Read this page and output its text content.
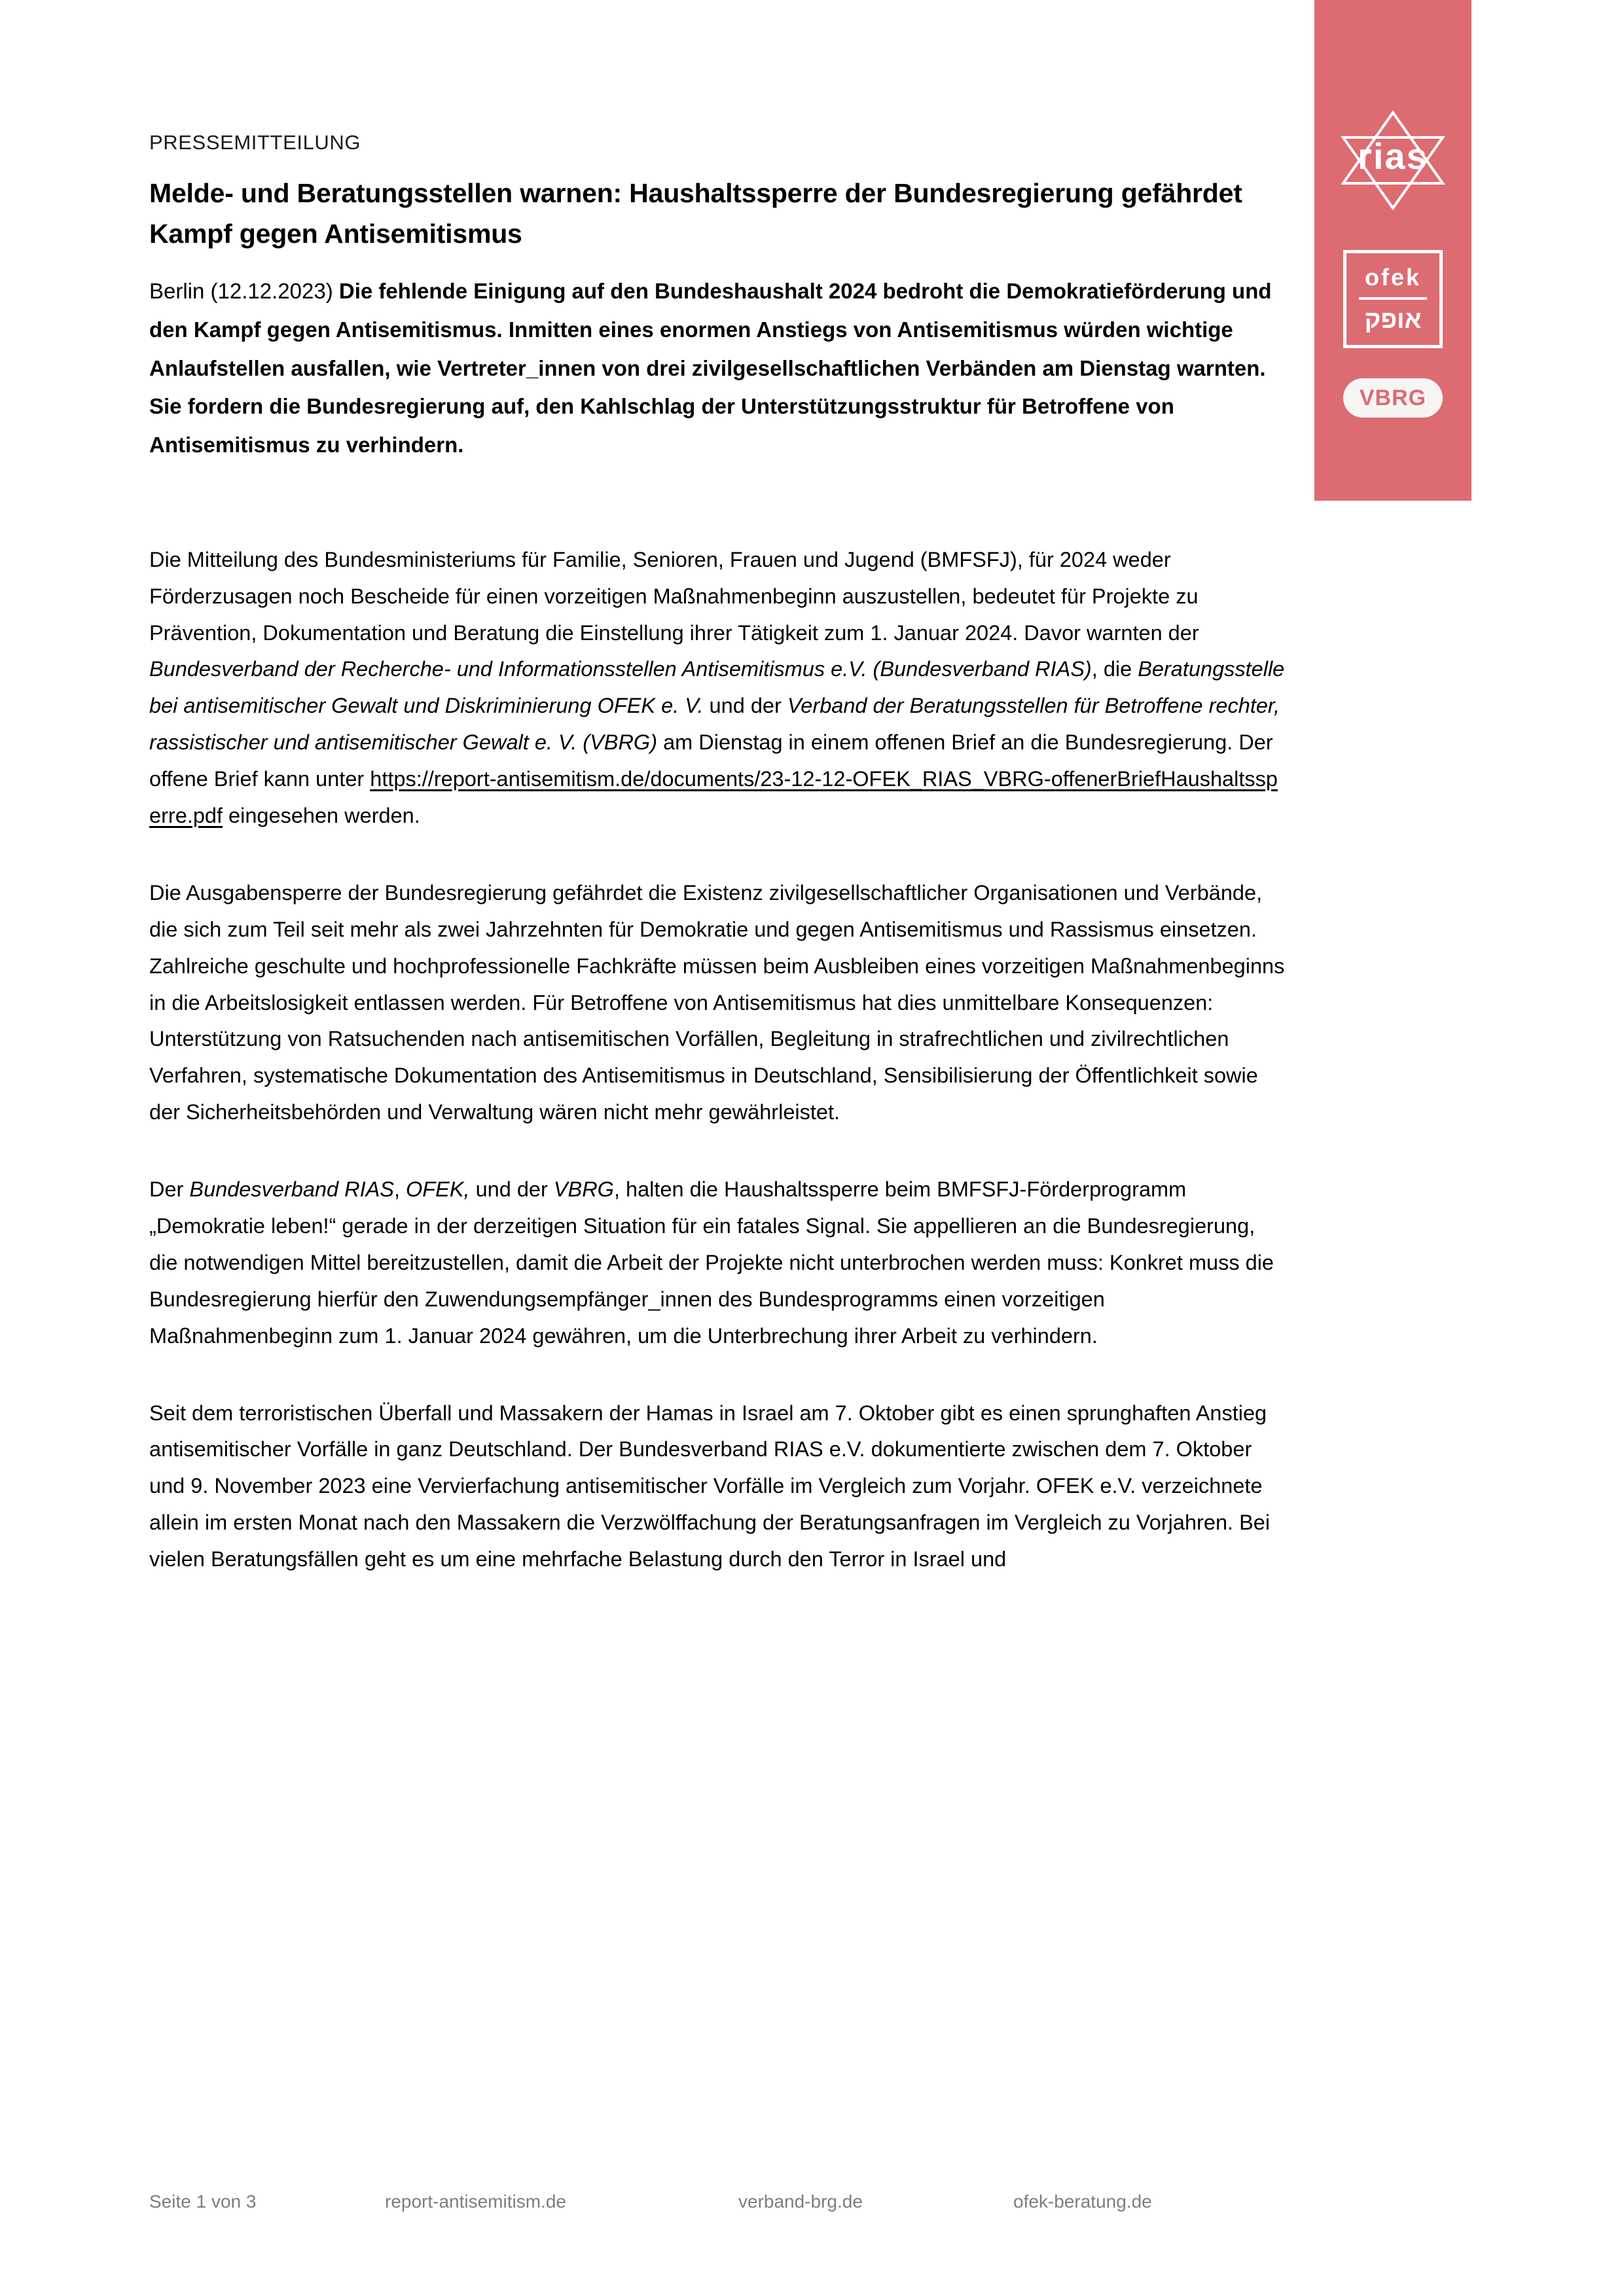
rias
ofek
אופק
VBRG
PRESSEMITTEILUNG
Melde- und Beratungsstellen warnen: Haushaltssperre der Bundesregierung gefährdet Kampf gegen Antisemitismus

Berlin (12.12.2023) Die fehlende Einigung auf den Bundeshaushalt 2024 bedroht die Demokratieförderung und den Kampf gegen Antisemitismus. Inmitten eines enormen Anstiegs von Antisemitismus würden wichtige Anlaufstellen ausfallen, wie Vertreter_innen von drei zivilgesellschaftlichen Verbänden am Dienstag warnten. Sie fordern die Bundesregierung auf, den Kahlschlag der Unterstützungsstruktur für Betroffene von Antisemitismus zu verhindern.

Die Mitteilung des Bundesministeriums für Familie, Senioren, Frauen und Jugend (BMFSFJ), für 2024 weder Förderzusagen noch Bescheide für einen vorzeitigen Maßnahmenbeginn auszustellen, bedeutet für Projekte zu Prävention, Dokumentation und Beratung die Einstellung ihrer Tätigkeit zum 1. Januar 2024. Davor warnten der Bundesverband der Recherche- und Informationsstellen Antisemitismus e.V. (Bundesverband RIAS), die Beratungsstelle bei antisemitischer Gewalt und Diskriminierung OFEK e. V. und der Verband der Beratungsstellen für Betroffene rechter, rassistischer und antisemitischer Gewalt e. V. (VBRG) am Dienstag in einem offenen Brief an die Bundesregierung. Der offene Brief kann unter https://report-antisemitism.de/documents/23-12-12-OFEK_RIAS_VBRG-offenerBriefHaushaltssperre.pdf eingesehen werden.

Die Ausgabensperre der Bundesregierung gefährdet die Existenz zivilgesellschaftlicher Organisationen und Verbände, die sich zum Teil seit mehr als zwei Jahrzehnten für Demokratie und gegen Antisemitismus und Rassismus einsetzen. Zahlreiche geschulte und hochprofessionelle Fachkräfte müssen beim Ausbleiben eines vorzeitigen Maßnahmenbeginns in die Arbeitslosigkeit entlassen werden. Für Betroffene von Antisemitismus hat dies unmittelbare Konsequenzen: Unterstützung von Ratsuchenden nach antisemitischen Vorfällen, Begleitung in strafrechtlichen und zivilrechtlichen Verfahren, systematische Dokumentation des Antisemitismus in Deutschland, Sensibilisierung der Öffentlichkeit sowie der Sicherheitsbehörden und Verwaltung wären nicht mehr gewährleistet.

Der Bundesverband RIAS, OFEK, und der VBRG, halten die Haushaltssperre beim BMFSFJ-Förderprogramm „Demokratie leben!“ gerade in der derzeitigen Situation für ein fatales Signal. Sie appellieren an die Bundesregierung, die notwendigen Mittel bereitzustellen, damit die Arbeit der Projekte nicht unterbrochen werden muss: Konkret muss die Bundesregierung hierfür den Zuwendungsempfänger_innen des Bundesprogramms einen vorzeitigen Maßnahmenbeginn zum 1. Januar 2024 gewähren, um die Unterbrechung ihrer Arbeit zu verhindern.

Seit dem terroristischen Überfall und Massakern der Hamas in Israel am 7. Oktober gibt es einen sprunghaften Anstieg antisemitischer Vorfälle in ganz Deutschland. Der Bundesverband RIAS e.V. dokumentierte zwischen dem 7. Oktober und 9. November 2023 eine Vervierfachung antisemitischer Vorfälle im Vergleich zum Vorjahr. OFEK e.V. verzeichnete allein im ersten Monat nach den Massakern die Verzwölffachung der Beratungsanfragen im Vergleich zu Vorjahren. Bei vielen Beratungsfällen geht es um eine mehrfache Belastung durch den Terror in Israel und

Seite 1 von 3	report-antisemitism.de	verband-brg.de	ofek-beratung.de
